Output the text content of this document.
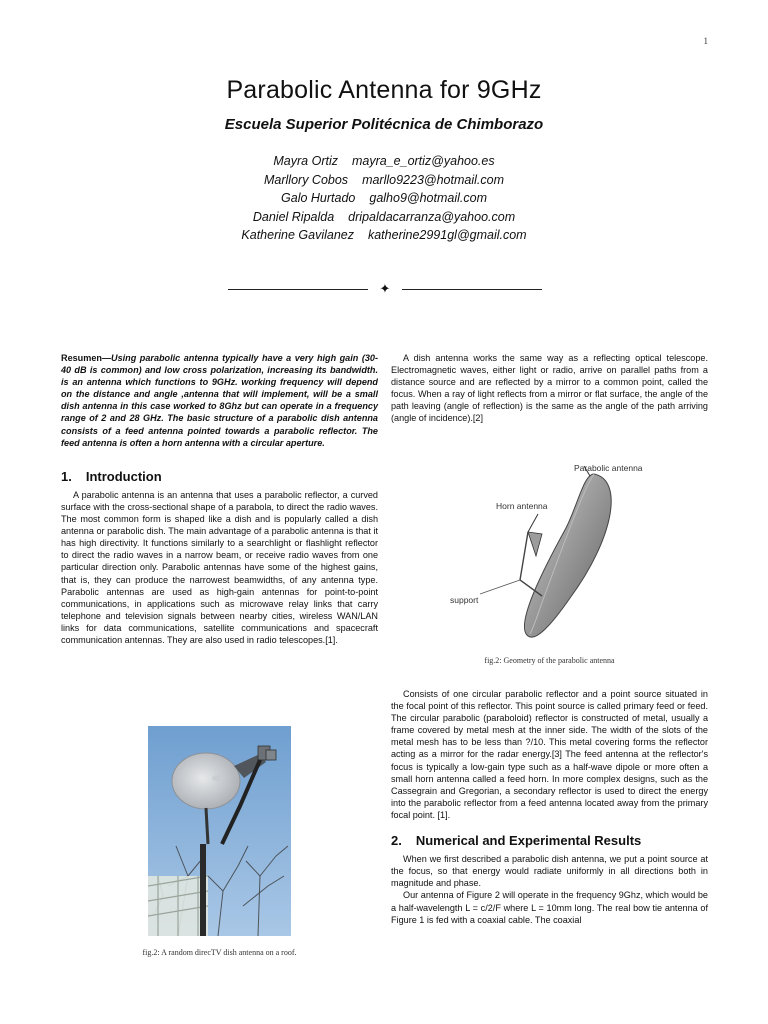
1
Parabolic Antenna for 9GHz
Escuela Superior Politécnica de Chimborazo
Mayra Ortiz mayra_e_ortiz@yahoo.es
Marllory Cobos marllo9223@hotmail.com
Galo Hurtado galho9@hotmail.com
Daniel Ripalda dripaldacarranza@yahoo.com
Katherine Gavilanez katherine2991gl@gmail.com
✦

Resumen—Using parabolic antenna typically have a very high gain (30-40 dB is common) and low cross polarization, increasing its bandwidth. is an antenna which functions to 9GHz. working frequency will depend on the distance and angle ,antenna that will implement, will be a small dish antenna in this case worked to 8Ghz but can operate in a frequency range of 2 and 28 GHz. The basic structure of a parabolic dish antenna consists of a feed antenna pointed towards a parabolic reflector. The feed antenna is often a horn antenna with a circular aperture.

1. Introduction

A parabolic antenna is an antenna that uses a parabolic reflector, a curved surface with the cross-sectional shape of a parabola, to direct the radio waves. The most common form is shaped like a dish and is popularly called a dish antenna or parabolic dish. The main advantage of a parabolic antenna is that it has high directivity. It functions similarly to a searchlight or flashlight reflector to direct the radio waves in a narrow beam, or receive radio waves from one particular direction only. Parabolic antennas have some of the highest gains, that is, they can produce the narrowest beamwidths, of any antenna type. Parabolic antennas are used as high-gain antennas for point-to-point communications, in applications such as microwave relay links that carry telephone and television signals between nearby cities, wireless WAN/LAN links for data communications, satellite communications and spacecraft communication antennas. They are also used in radio telescopes.[1].

fig.2: A random direcTV dish antenna on a roof.

A dish antenna works the same way as a reflecting optical telescope. Electromagnetic waves, either light or radio, arrive on parallel paths from a distance source and are reflected by a mirror to a common point, called the focus. When a ray of light reflects from a mirror or flat surface, the angle of the path leaving (angle of reflection) is the same as the angle of the path arriving (angle of incidence).[2]

Parabolic antenna
Horn antenna
support
fig.2: Geometry of the parabolic antenna

Consists of one circular parabolic reflector and a point source situated in the focal point of this reflector. This point source is called primary feed or feed. The circular parabolic (paraboloid) reflector is constructed of metal, usually a frame covered by metal mesh at the inner side. The width of the slots of the metal mesh has to be less than ?/10. This metal covering forms the reflector acting as a mirror for the radar energy.[3] The feed antenna at the reflector's focus is typically a low-gain type such as a half-wave dipole or more often a small horn antenna called a feed horn. In more complex designs, such as the Cassegrain and Gregorian, a secondary reflector is used to direct the energy into the parabolic reflector from a feed antenna located away from the primary focal point. [1].

2. Numerical and Experimental Results

When we first described a parabolic dish antenna, we put a point source at the focus, so that energy would radiate uniformly in all directions both in magnitude and phase.

Our antenna of Figure 2 will operate in the frequency 9Ghz, which would be a half-wavelength L = c/2/F where L = 10mm long. The real bow tie antenna of Figure 1 is fed with a coaxial cable. The coaxial
